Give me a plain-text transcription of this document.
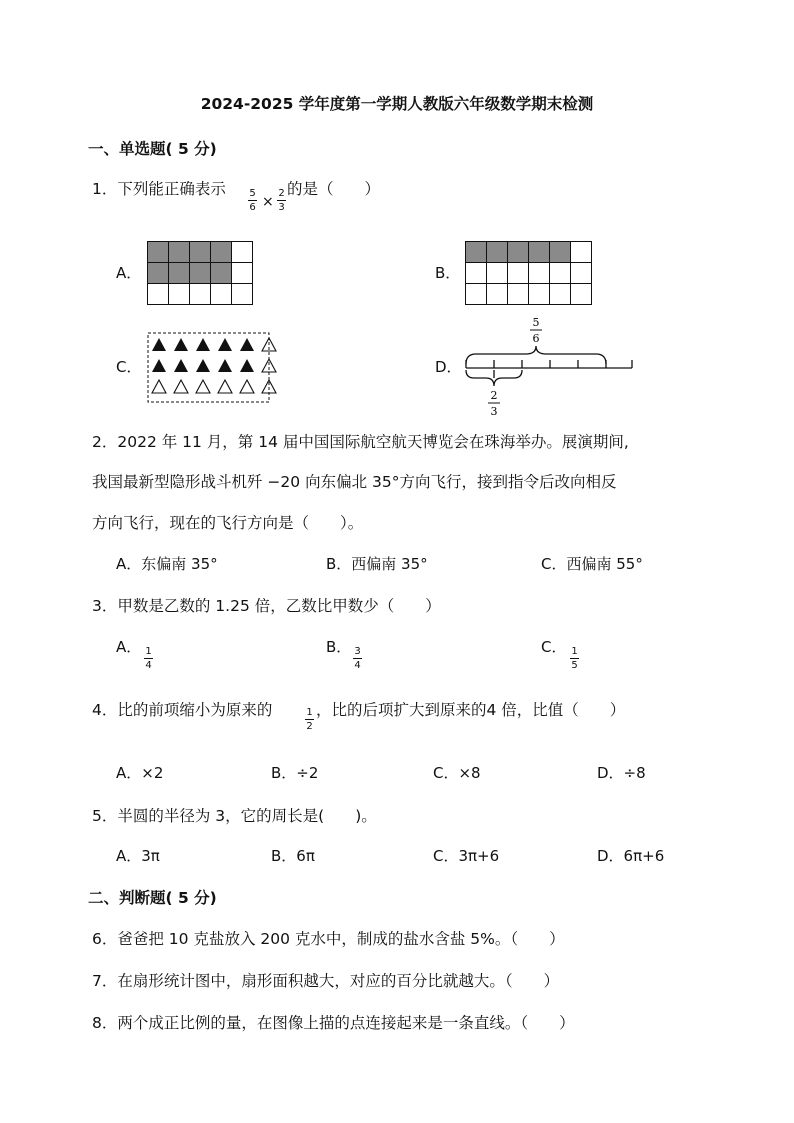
2024-2025 学年度第一学期人教版六年级数学期末检测
一、单选题( 5 分)
1．下列能正确表示 5
6 ×
2
3
的是（　　）
A．	B．
C．	D．
5
6
2
3
2．2022 年 11 月，第 14 届中国国际航空航天博览会在珠海举办。展演期间,
我国最新型隐形战斗机歼 −20 向东偏北 35°方向飞行，接到指令后改向相反
方向飞行，现在的飞行方向是（　　）。
A．东偏南 35°	B．西偏南 35°	C．西偏南 55°
3．甲数是乙数的 1.25 倍，乙数比甲数少（　　）
A． 1
4
B． 3
4
C． 1
5
4．比的前项缩小为原来的	1
2
，比的后项扩大到原来的4 倍，比值（　　）
A．×2	B．÷2	C．×8	D．÷8
5．半圆的半径为 3，它的周长是(　　)。
A．3π	B．6π	C．3π+6	D．6π+6
二、判断题( 5 分)
6．爸爸把 10 克盐放入 200 克水中，制成的盐水含盐 5%。（　　）
7．在扇形统计图中，扇形面积越大，对应的百分比就越大。（　　）
8．两个成正比例的量，在图像上描的点连接起来是一条直线。（　　）
